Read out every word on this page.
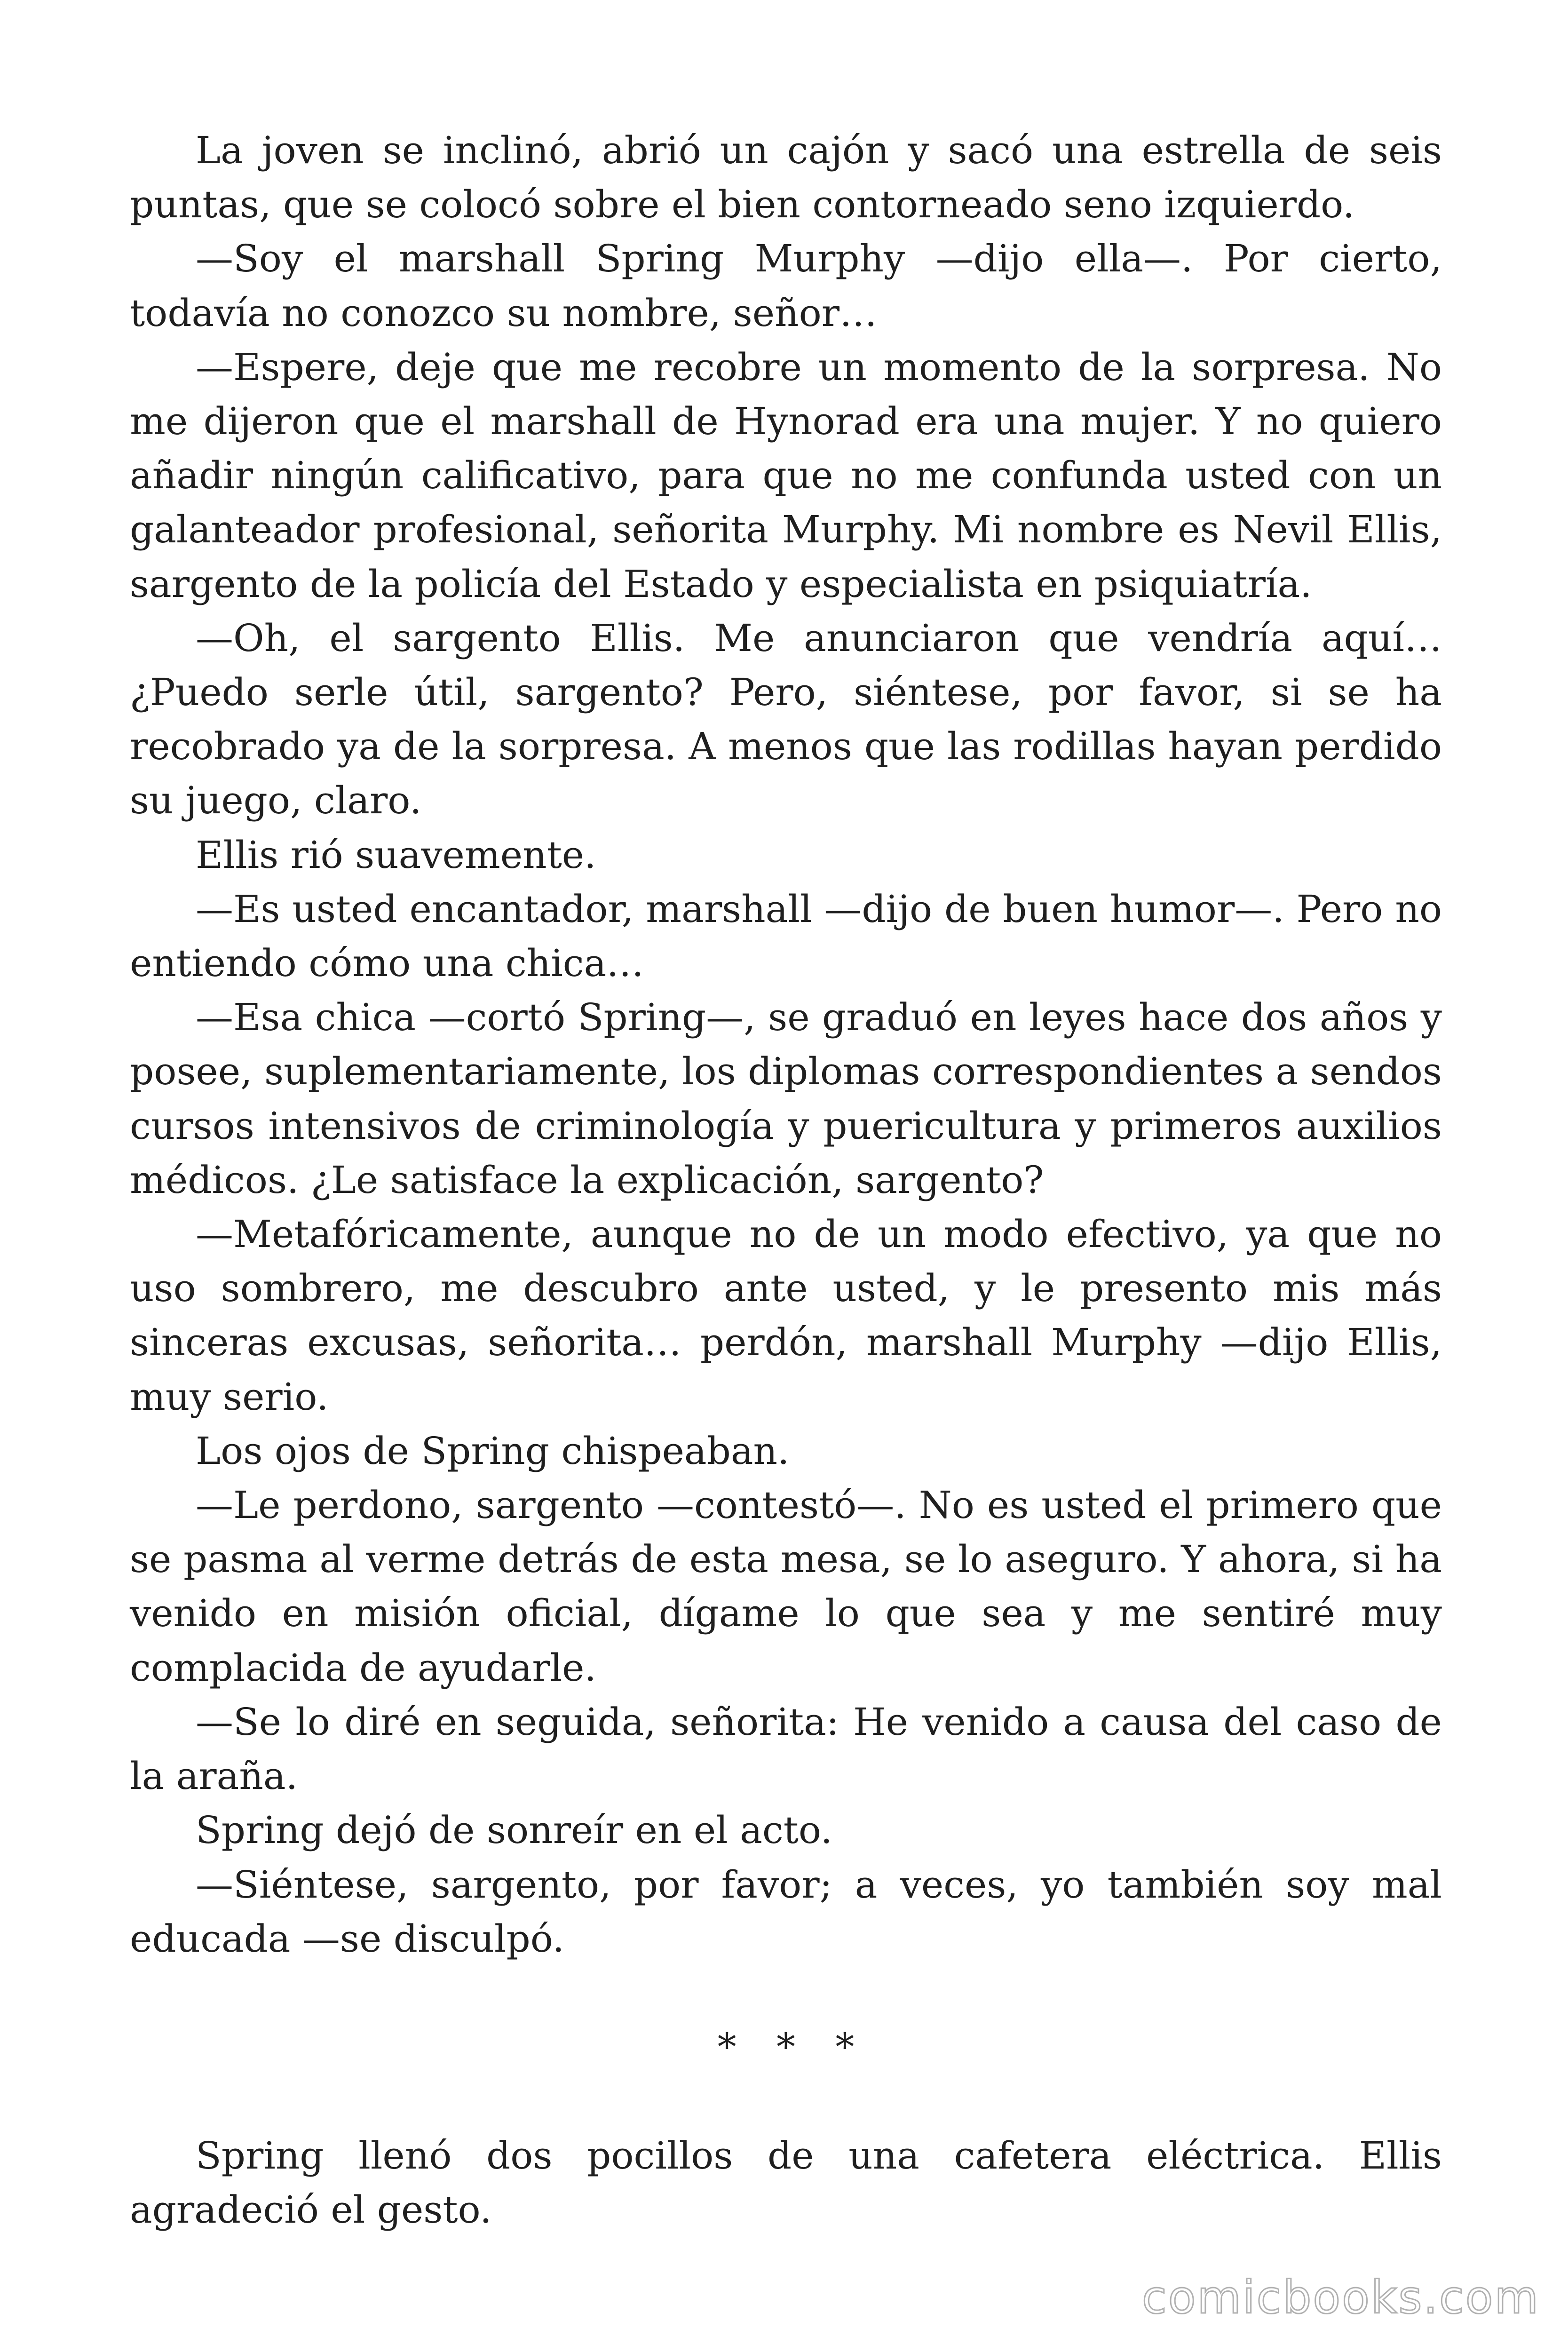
La joven se inclinó, abrió un cajón y sacó una estrella de seis puntas, que se colocó sobre el bien contorneado seno izquierdo.

—Soy el marshall Spring Murphy —dijo ella—. Por cierto, todavía no conozco su nombre, señor…

—Espere, deje que me recobre un momento de la sorpresa. No me dijeron que el marshall de Hynorad era una mujer. Y no quiero añadir ningún calificativo, para que no me confunda usted con un galanteador profesional, señorita Murphy. Mi nombre es Nevil Ellis, sargento de la policía del Estado y especialista en psiquiatría.

—Oh, el sargento Ellis. Me anunciaron que vendría aquí… ¿Puedo serle útil, sargento? Pero, siéntese, por favor, si se ha recobrado ya de la sorpresa. A menos que las rodillas hayan perdido su juego, claro.

Ellis rió suavemente.

—Es usted encantador, marshall —dijo de buen humor—. Pero no entiendo cómo una chica…

—Esa chica —cortó Spring—, se graduó en leyes hace dos años y posee, suplementariamente, los diplomas correspondientes a sendos cursos intensivos de criminología y puericultura y primeros auxilios médicos. ¿Le satisface la explicación, sargento?

—Metafóricamente, aunque no de un modo efectivo, ya que no uso sombrero, me descubro ante usted, y le presento mis más sinceras excusas, señorita… perdón, marshall Murphy —dijo Ellis, muy serio.

Los ojos de Spring chispeaban.

—Le perdono, sargento —contestó—. No es usted el primero que se pasma al verme detrás de esta mesa, se lo aseguro. Y ahora, si ha venido en misión oficial, dígame lo que sea y me sentiré muy complacida de ayudarle.

—Se lo diré en seguida, señorita: He venido a causa del caso de la araña.

Spring dejó de sonreír en el acto.

—Siéntese, sargento, por favor; a veces, yo también soy mal educada —se disculpó.

* * *

Spring llenó dos pocillos de una cafetera eléctrica. Ellis agradeció el gesto.

comicbooks.com
